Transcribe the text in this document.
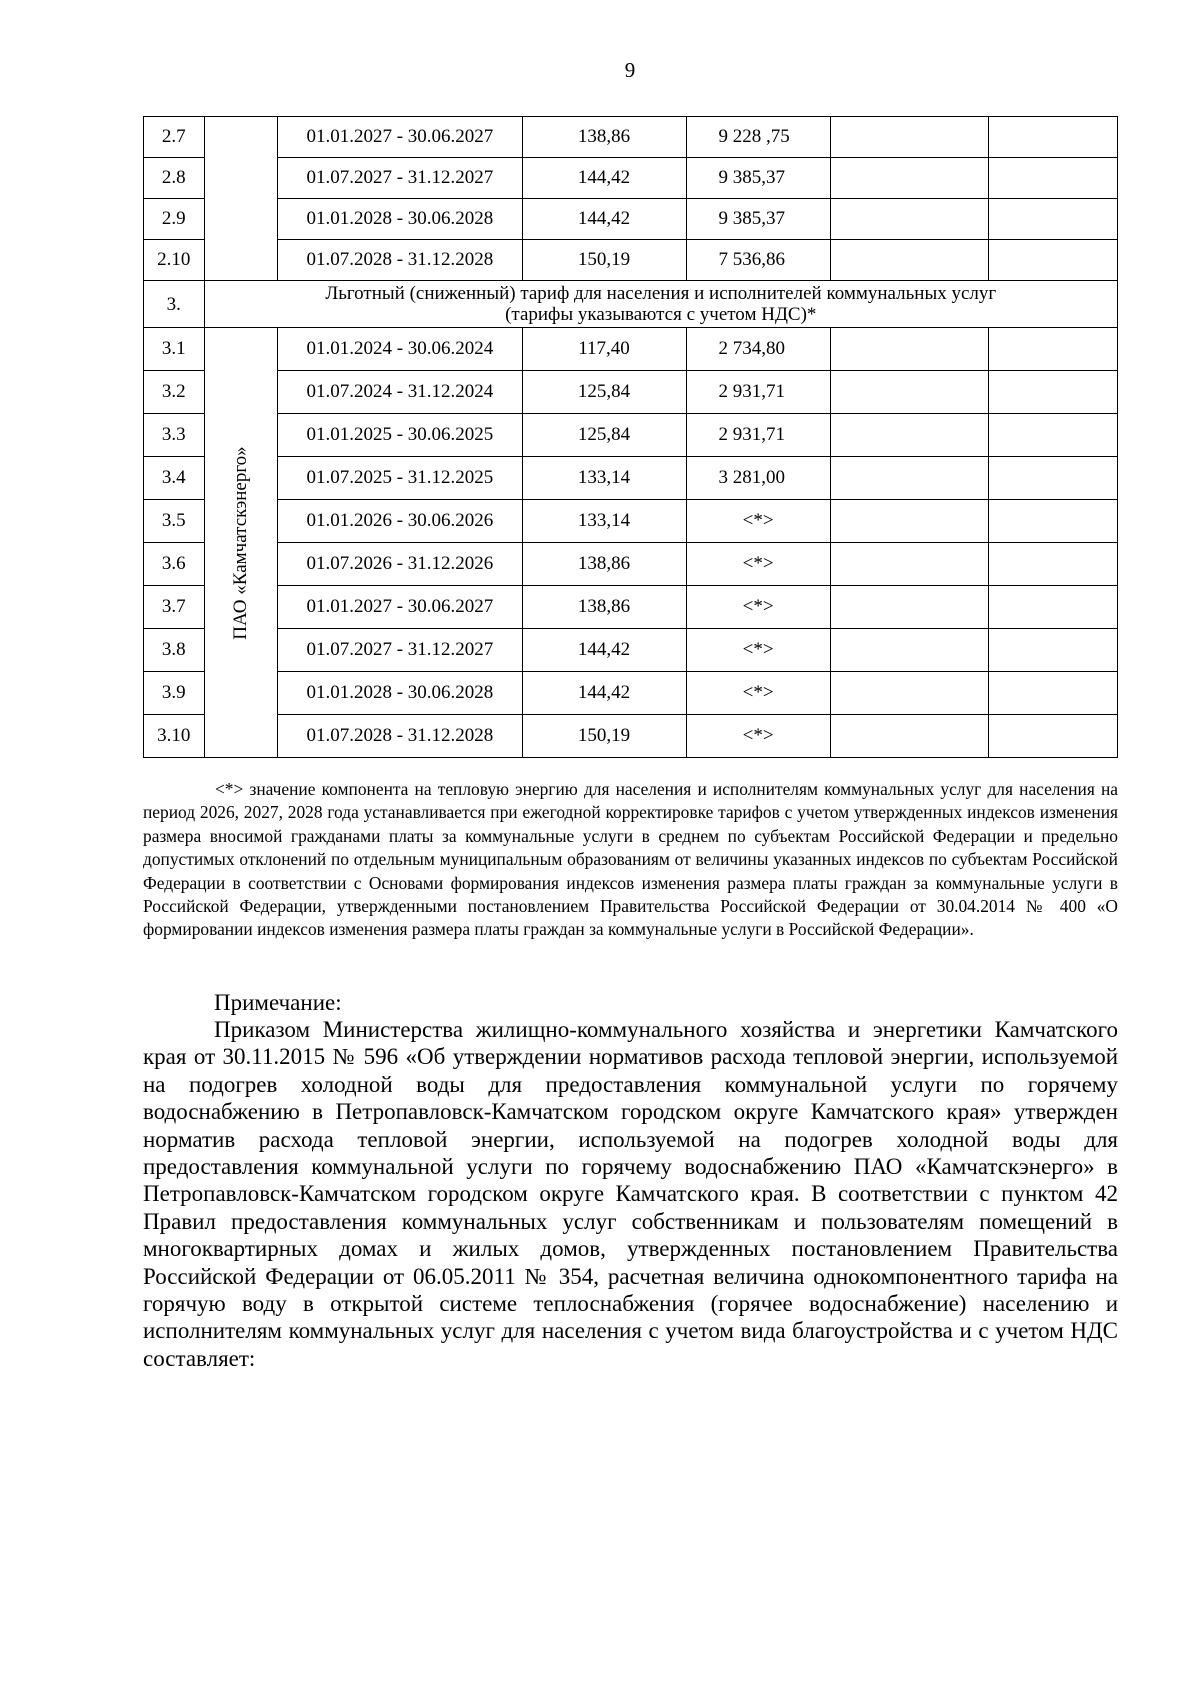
9
2.7		01.01.2027 - 30.06.2027	138,86	9 228 ,75		
2.8		01.07.2027 - 31.12.2027	144,42	9 385,37		
2.9		01.01.2028 - 30.06.2028	144,42	9 385,37		
2.10		01.07.2028 - 31.12.2028	150,19	7 536,86		
3.	Льготный (сниженный) тариф для населения и исполнителей коммунальных услуг
(тарифы указываются с учетом НДС)*					

3.1	ПАО «Камчатскэнерго»	01.01.2024 - 30.06.2024	117,40	2 734,80		
3.2		01.07.2024 - 31.12.2024	125,84	2 931,71		
3.3		01.01.2025 - 30.06.2025	125,84	2 931,71		
3.4		01.07.2025 - 31.12.2025	133,14	3 281,00		
3.5		01.01.2026 - 30.06.2026	133,14	<*>		
3.6		01.07.2026 - 31.12.2026	138,86	<*>		
3.7		01.01.2027 - 30.06.2027	138,86	<*>		
3.8		01.07.2027 - 31.12.2027	144,42	<*>		
3.9		01.01.2028 - 30.06.2028	144,42	<*>		
3.10		01.07.2028 - 31.12.2028	150,19	<*>		

<*> значение компонента на тепловую энергию для населения и исполнителям коммунальных услуг для населения на период 2026, 2027, 2028 года устанавливается при ежегодной корректировке тарифов с учетом утвержденных индексов изменения размера вносимой гражданами платы за коммунальные услуги в среднем по субъектам Российской Федерации и предельно допустимых отклонений по отдельным муниципальным образованиям от величины указанных индексов по субъектам Российской Федерации в соответствии с Основами формирования индексов изменения размера платы граждан за коммунальные услуги в Российской Федерации, утвержденными постановлением Правительства Российской Федерации от 30.04.2014 № 400 «О формировании индексов изменения размера платы граждан за коммунальные услуги в Российской Федерации».

Примечание:

Приказом Министерства жилищно-коммунального хозяйства и энергетики Камчатского края от 30.11.2015 № 596 «Об утверждении нормативов расхода тепловой энергии, используемой на подогрев холодной воды для предоставления коммунальной услуги по горячему водоснабжению в Петропавловск-Камчатском городском округе Камчатского края» утвержден норматив расхода тепловой энергии, используемой на подогрев холодной воды для предоставления коммунальной услуги по горячему водоснабжению ПАО «Камчатскэнерго» в Петропавловск-Камчатском городском округе Камчатского края. В соответствии с пунктом 42 Правил предоставления коммунальных услуг собственникам и пользователям помещений в многоквартирных домах и жилых домов, утвержденных постановлением Правительства Российской Федерации от 06.05.2011 № 354, расчетная величина однокомпонентного тарифа на горячую воду в открытой системе теплоснабжения (горячее водоснабжение) населению и исполнителям коммунальных услуг для населения с учетом вида благоустройства и с учетом НДС составляет:
